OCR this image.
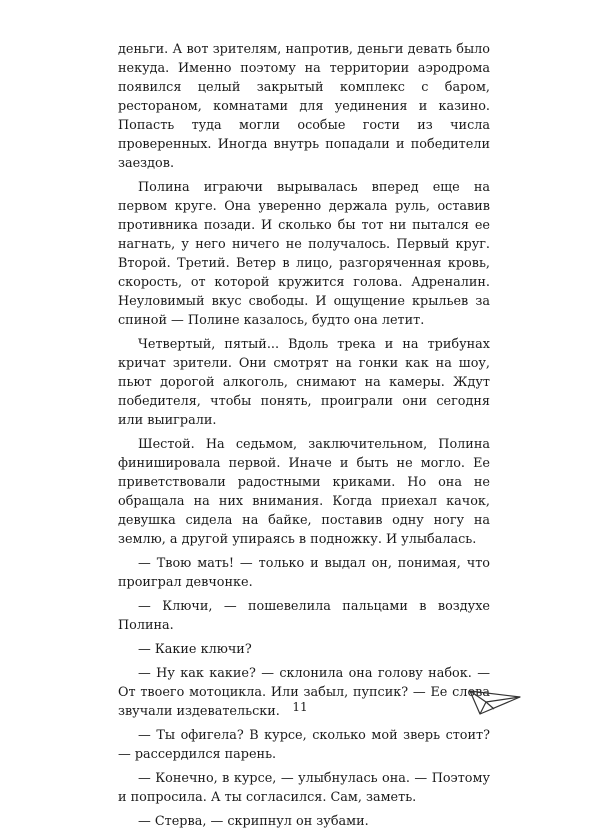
деньги. А вот зрителям, напротив, деньги девать было некуда. Именно поэтому на территории аэродрома появился целый закрытый комплекс с баром, рестораном, комнатами для уединения и казино. Попасть туда могли особые гости из числа проверенных. Иногда внутрь попадали и победители заездов.

Полина играючи вырывалась вперед еще на первом круге. Она уверенно держала руль, оставив противника позади. И сколько бы тот ни пытался ее нагнать, у него ничего не получалось. Первый круг. Второй. Третий. Ветер в лицо, разгоряченная кровь, скорость, от которой кружится голова. Адреналин. Неуловимый вкус свободы. И ощущение крыльев за спиной — Полине казалось, будто она летит.

Четвертый, пятый... Вдоль трека и на трибунах кричат зрители. Они смотрят на гонки как на шоу, пьют дорогой алкоголь, снимают на камеры. Ждут победителя, чтобы понять, проиграли они сегодня или выиграли.

Шестой. На седьмом, заключительном, Полина финишировала первой. Иначе и быть не могло. Ее приветствовали радостными криками. Но она не обращала на них внимания. Когда приехал качок, девушка сидела на байке, поставив одну ногу на землю, а другой упираясь в подножку. И улыбалась.

— Твою мать! — только и выдал он, понимая, что проиграл девчонке.

— Ключи, — пошевелила пальцами в воздухе Полина.

— Какие ключи?

— Ну как какие? — склонила она голову набок. — От твоего мотоцикла. Или забыл, пупсик? — Ее слова звучали издевательски.

— Ты офигела? В курсе, сколько мой зверь стоит? — рассердился парень.

— Конечно, в курсе, — улыбнулась она. — Поэтому и попросила. А ты согласился. Сам, заметь.

— Стерва, — скрипнул он зубами.

11
